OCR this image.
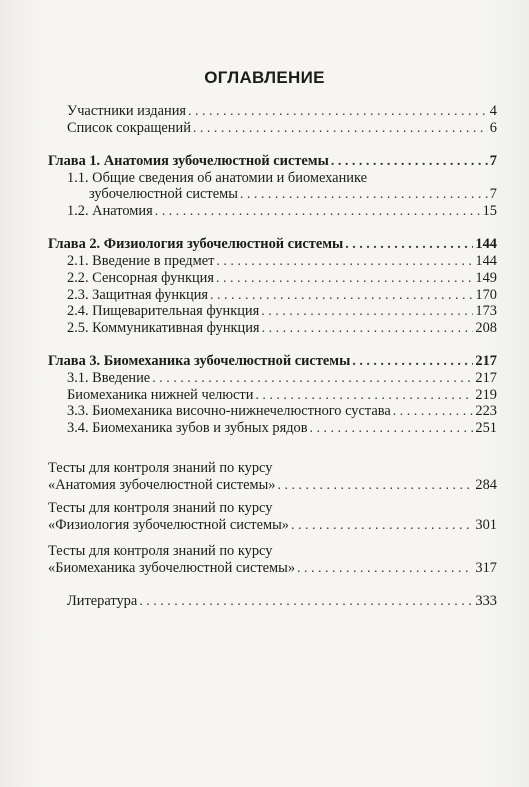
ОГЛАВЛЕНИЕ
Участники издания . . .	4
Список сокращений . . .	6
Глава 1. Анатомия зубочелюстной системы . . .	7
1.1. Общие сведения об анатомии и биомеханике
зубочелюстной системы . . .	7
1.2. Анатомия . . .	15
Глава 2. Физиология зубочелюстной системы . . .	144
2.1. Введение в предмет . . .	144
2.2. Сенсорная функция . . .	149
2.3. Защитная функция . . .	170
2.4. Пищеварительная функция . . .	173
2.5. Коммуникативная функция . . .	208
Глава 3. Биомеханика зубочелюстной системы . . .	217
3.1. Введение . . .	217
Биомеханика нижней челюсти . . .	219
3.3. Биомеханика височно-нижнечелюстного сустава . . .	223
3.4. Биомеханика зубов и зубных рядов . . .	251
Тесты для контроля знаний по курсу
«Анатомия зубочелюстной системы» . . .	284
Тесты для контроля знаний по курсу
«Физиология зубочелюстной системы» . . .	301
Тесты для контроля знаний по курсу
«Биомеханика зубочелюстной системы» . . .	317
Литература . . .	333
